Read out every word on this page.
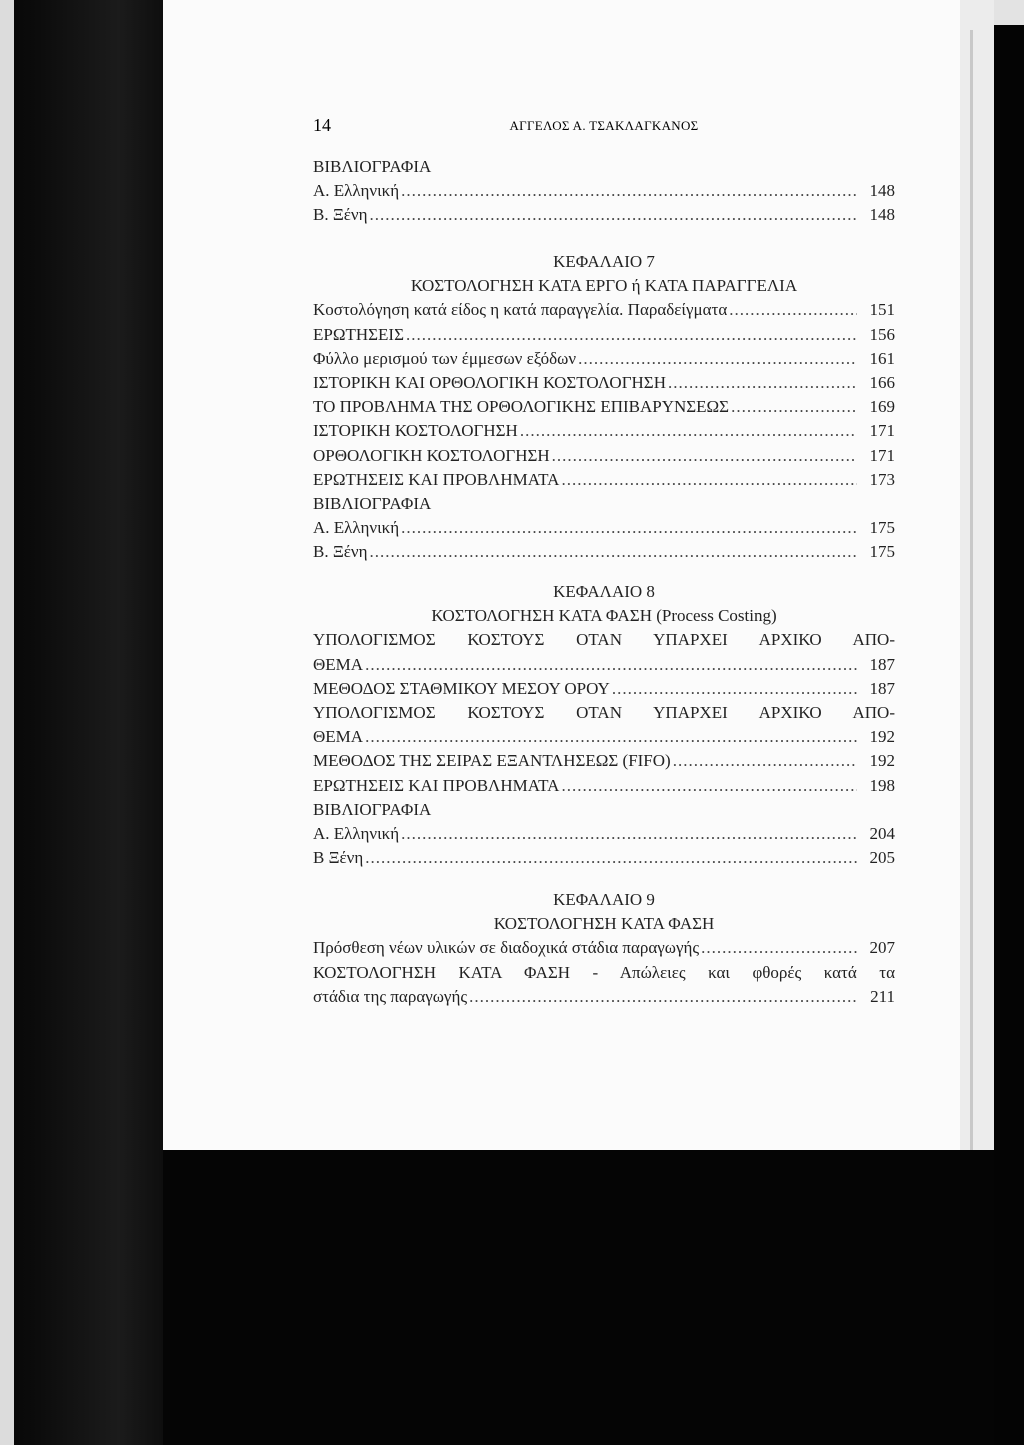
14	ΑΓΓΕΛΟΣ Α. ΤΣΑΚΛΑΓΚΑΝΟΣ
ΒΙΒΛΙΟΓΡΑΦΙΑ
Α. Ελληνική .....	148
Β. Ξένη .....	148
ΚΕΦΑΛΑΙΟ 7
ΚΟΣΤΟΛΟΓΗΣΗ ΚΑΤΑ ΕΡΓΟ ή ΚΑΤΑ ΠΑΡΑΓΓΕΛΙΑ
Κοστολόγηση κατά είδος η κατά παραγγελία. Παραδείγματα .....	151
ΕΡΩΤΗΣΕΙΣ .....	156
Φύλλο μερισμού των έμμεσων εξόδων .....	161
ΙΣΤΟΡΙΚΗ ΚΑΙ ΟΡΘΟΛΟΓΙΚΗ ΚΟΣΤΟΛΟΓΗΣΗ .....	166
ΤΟ ΠΡΟΒΛΗΜΑ ΤΗΣ ΟΡΘΟΛΟΓΙΚΗΣ ΕΠΙΒΑΡΥΝΣΕΩΣ .....	169
ΙΣΤΟΡΙΚΗ ΚΟΣΤΟΛΟΓΗΣΗ .....	171
ΟΡΘΟΛΟΓΙΚΗ ΚΟΣΤΟΛΟΓΗΣΗ .....	171
ΕΡΩΤΗΣΕΙΣ ΚΑΙ ΠΡΟΒΛΗΜΑΤΑ .....	173
ΒΙΒΛΙΟΓΡΑΦΙΑ
Α. Ελληνική .....	175
Β. Ξένη .....	175
ΚΕΦΑΛΑΙΟ 8
ΚΟΣΤΟΛΟΓΗΣΗ ΚΑΤΑ ΦΑΣΗ (Process Costing)
ΥΠΟΛΟΓΙΣΜΟΣ ΚΟΣΤΟΥΣ ΟΤΑΝ ΥΠΑΡΧΕΙ ΑΡΧΙΚΟ ΑΠΟ-
ΘΕΜΑ .....	187
ΜΕΘΟΔΟΣ ΣΤΑΘΜΙΚΟΥ ΜΕΣΟΥ ΟΡΟΥ .....	187
ΥΠΟΛΟΓΙΣΜΟΣ ΚΟΣΤΟΥΣ ΟΤΑΝ ΥΠΑΡΧΕΙ ΑΡΧΙΚΟ ΑΠΟ-
ΘΕΜΑ .....	192
ΜΕΘΟΔΟΣ ΤΗΣ ΣΕΙΡΑΣ ΕΞΑΝΤΛΗΣΕΩΣ (FIFO) .....	192
ΕΡΩΤΗΣΕΙΣ ΚΑΙ ΠΡΟΒΛΗΜΑΤΑ .....	198
ΒΙΒΛΙΟΓΡΑΦΙΑ
Α. Ελληνική .....	204
Β Ξένη .....	205
ΚΕΦΑΛΑΙΟ 9
ΚΟΣΤΟΛΟΓΗΣΗ ΚΑΤΑ ΦΑΣΗ
Πρόσθεση νέων υλικών σε διαδοχικά στάδια παραγωγής .....	207
ΚΟΣΤΟΛΟΓΗΣΗ ΚΑΤΑ ΦΑΣΗ - Απώλειες και φθορές κατά τα
στάδια της παραγωγής .....	211
